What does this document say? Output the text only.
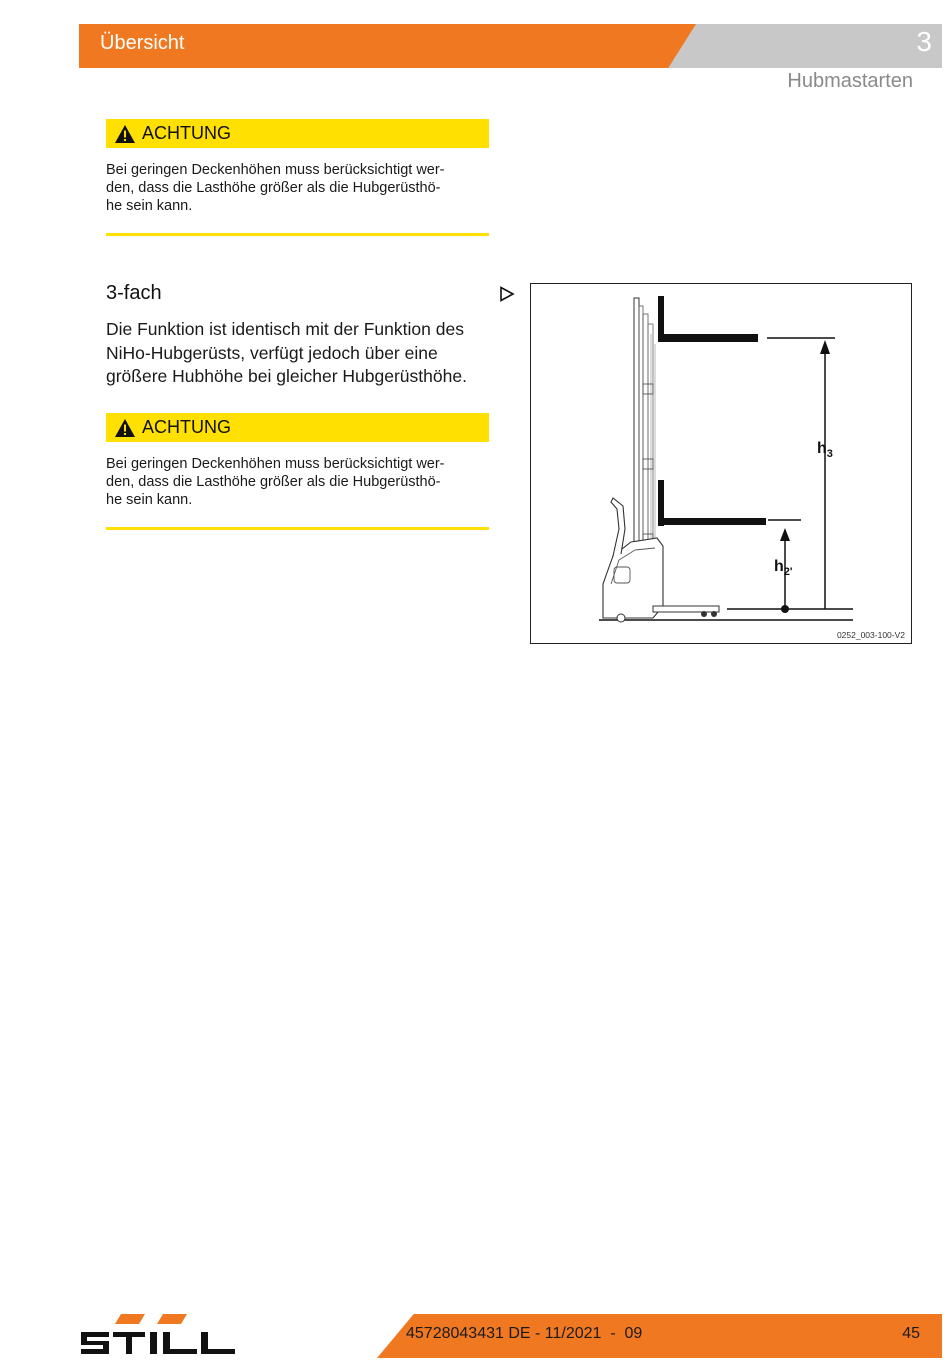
Übersicht	3
Hubmastarten
ACHTUNG
Bei geringen Deckenhöhen muss berücksichtigt wer-
den, dass die Lasthöhe größer als die Hubgerüsthö-
he sein kann.
3-fach
Die Funktion ist identisch mit der Funktion des
NiHo-Hubgerüsts, verfügt jedoch über eine
größere Hubhöhe bei gleicher Hubgerüsthöhe.
ACHTUNG
Bei geringen Deckenhöhen muss berücksichtigt wer-
den, dass die Lasthöhe größer als die Hubgerüsthö-
he sein kann.
$h_3$
$h_{2'}$
0252_003-100-V2
45728043431 DE - 11/2021  -  09	45
